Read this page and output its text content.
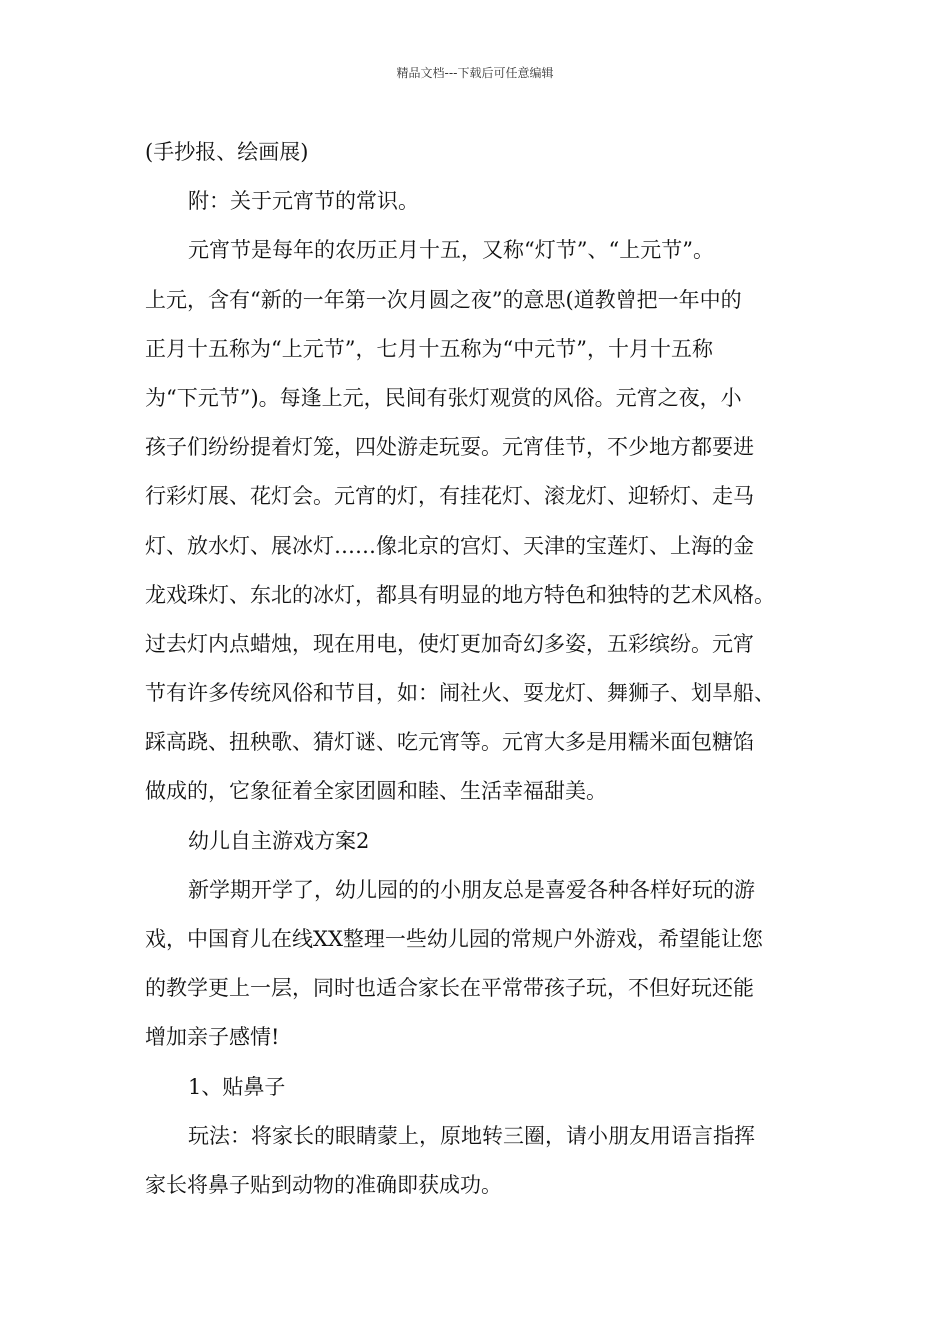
精品文档---下载后可任意编辑
(手抄报、绘画展)
附：关于元宵节的常识。
元宵节是每年的农历正月十五，又称“灯节”、“上元节”。
上元，含有“新的一年第一次月圆之夜”的意思(道教曾把一年中的
正月十五称为“上元节”，七月十五称为“中元节”，十月十五称
为“下元节”)。每逢上元，民间有张灯观赏的风俗。元宵之夜，小
孩子们纷纷提着灯笼，四处游走玩耍。元宵佳节，不少地方都要进
行彩灯展、花灯会。元宵的灯，有挂花灯、滚龙灯、迎轿灯、走马
灯、放水灯、展冰灯……像北京的宫灯、天津的宝莲灯、上海的金
龙戏珠灯、东北的冰灯，都具有明显的地方特色和独特的艺术风格。
过去灯内点蜡烛，现在用电，使灯更加奇幻多姿，五彩缤纷。元宵
节有许多传统风俗和节目，如：闹社火、耍龙灯、舞狮子、划旱船、
踩高跷、扭秧歌、猜灯谜、吃元宵等。元宵大多是用糯米面包糖馅
做成的，它象征着全家团圆和睦、生活幸福甜美。
幼儿自主游戏方案2
新学期开学了，幼儿园的的小朋友总是喜爱各种各样好玩的游
戏，中国育儿在线XX整理一些幼儿园的常规户外游戏，希望能让您
的教学更上一层，同时也适合家长在平常带孩子玩，不但好玩还能
增加亲子感情!
1、贴鼻子
玩法：将家长的眼睛蒙上，原地转三圈，请小朋友用语言指挥
家长将鼻子贴到动物的准确即获成功。
